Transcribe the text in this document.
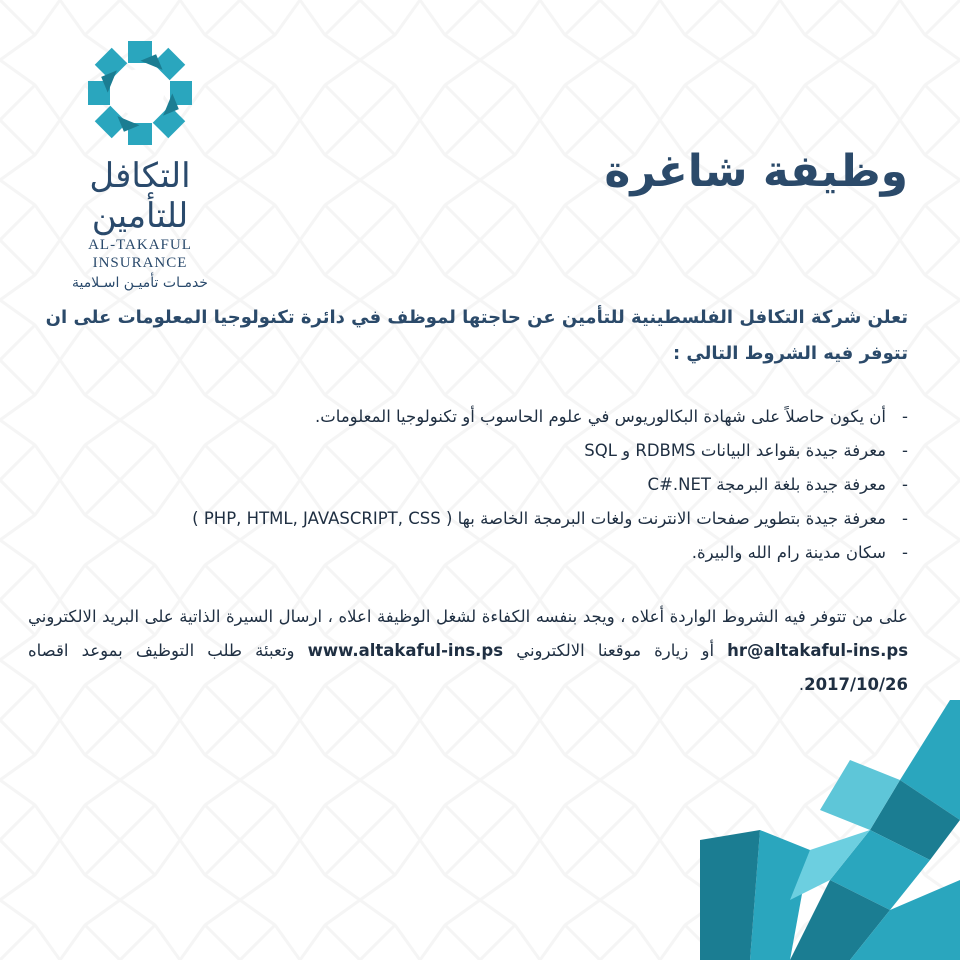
التكافل للتأمين
AL-TAKAFUL INSURANCE
خدمـات تأميـن اسـلامية
وظيفة شاغرة
تعلن شركة التكافل الفلسطينية للتأمين عن حاجتها لموظف في دائرة تكنولوجيا المعلومات على ان تتوفر فيه الشروط التالي :
-أن يكون حاصلاً على شهادة البكالوريوس في علوم الحاسوب أو تكنولوجيا المعلومات.
-معرفة جيدة بقواعد البيانات RDBMS و SQL
-معرفة جيدة بلغة البرمجة C#.NET
-معرفة جيدة بتطوير صفحات الانترنت ولغات البرمجة الخاصة بها ( PHP, HTML, JAVASCRIPT, CSS )
-سكان مدينة رام الله والبيرة.
على من تتوفر فيه الشروط الواردة أعلاه ، ويجد بنفسه الكفاءة لشغل الوظيفة اعلاه ، ارسال السيرة الذاتية على البريد الالكتروني hr@altakaful-ins.ps أو زيارة موقعنا الالكتروني www.altakaful-ins.ps وتعبئة طلب التوظيف بموعد اقصاه 2017/10/26.
